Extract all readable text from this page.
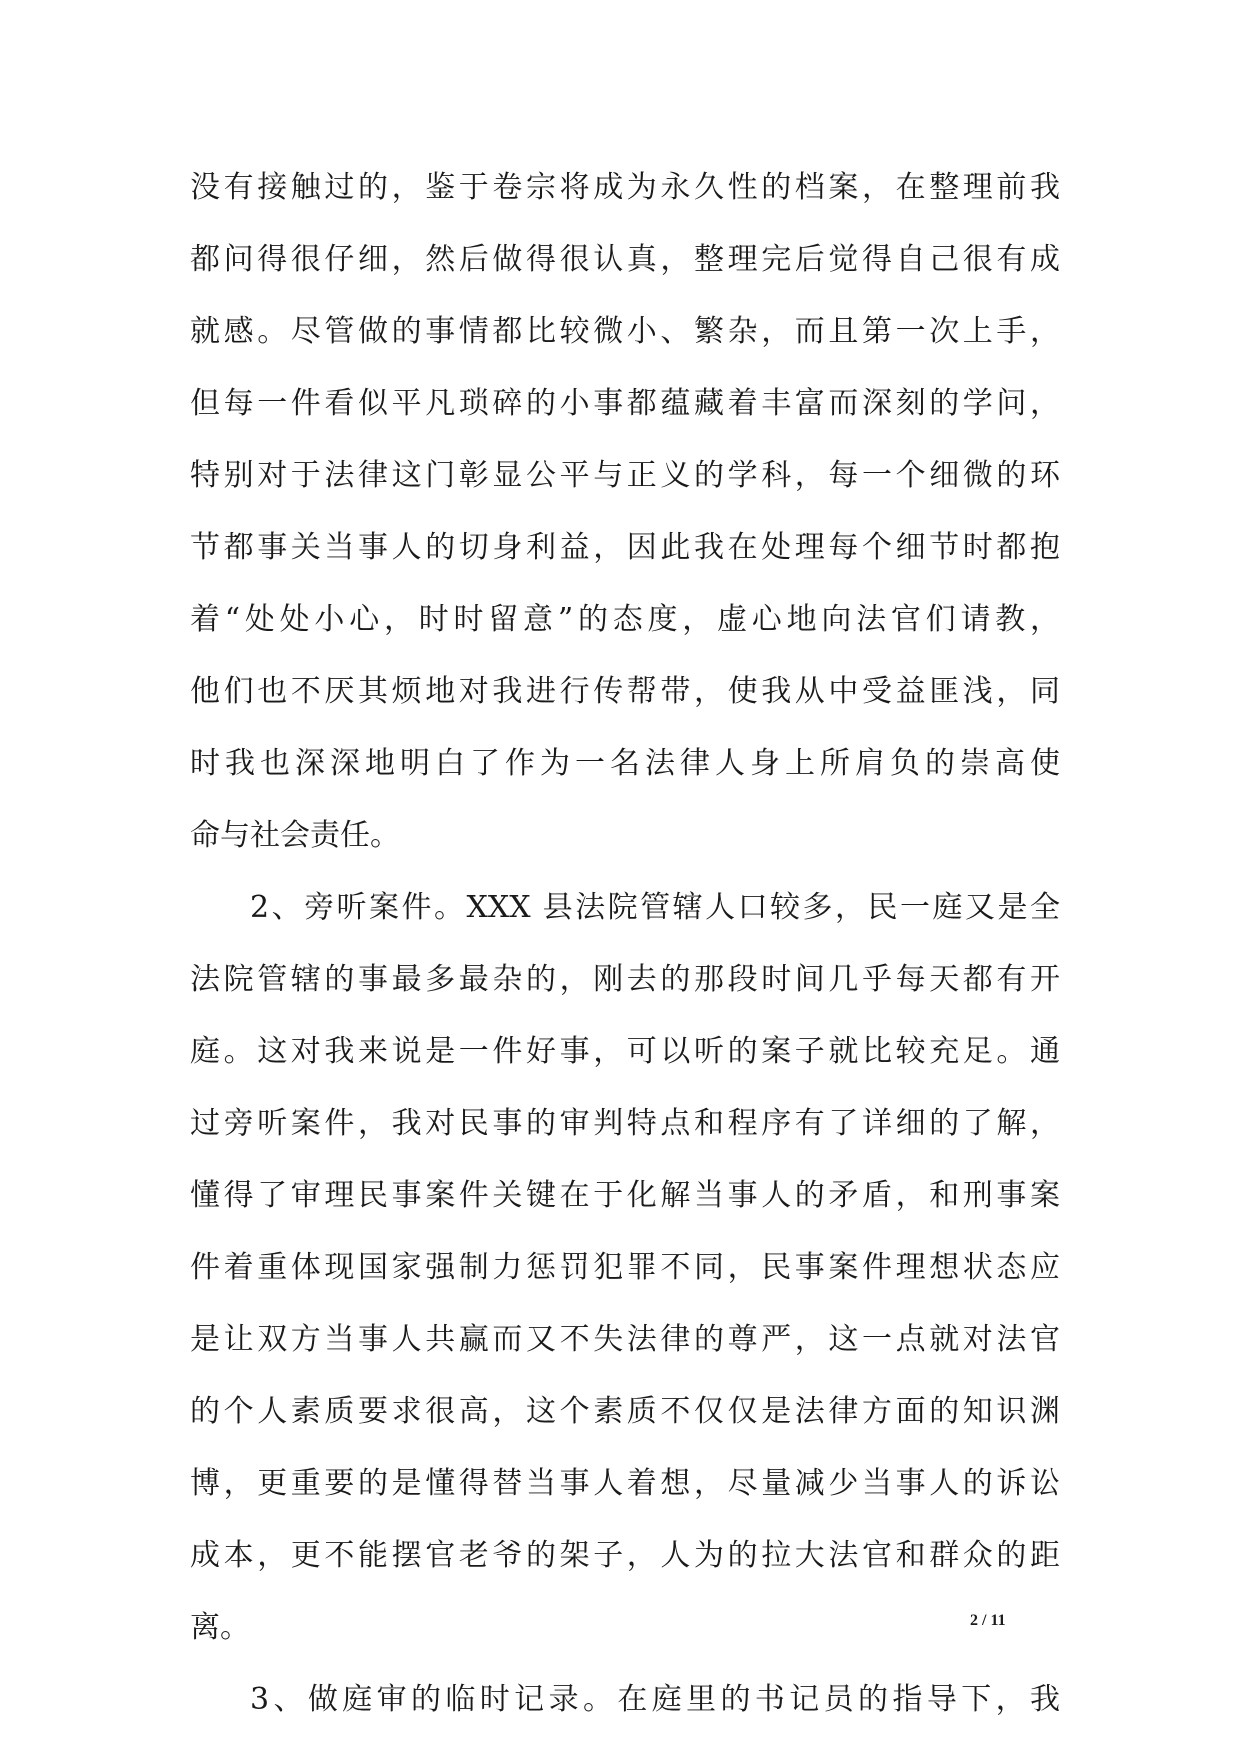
没有接触过的，鉴于卷宗将成为永久性的档案，在整理前我
都问得很仔细，然后做得很认真，整理完后觉得自己很有成
就感。尽管做的事情都比较微小、繁杂，而且第一次上手，
但每一件看似平凡琐碎的小事都蕴藏着丰富而深刻的学问，
特别对于法律这门彰显公平与正义的学科，每一个细微的环
节都事关当事人的切身利益，因此我在处理每个细节时都抱
着“处处小心，时时留意”的态度，虚心地向法官们请教，
他们也不厌其烦地对我进行传帮带，使我从中受益匪浅，同
时我也深深地明白了作为一名法律人身上所肩负的崇高使
命与社会责任。
2、旁听案件。XXX 县法院管辖人口较多，民一庭又是全
法院管辖的事最多最杂的，刚去的那段时间几乎每天都有开
庭。这对我来说是一件好事，可以听的案子就比较充足。通
过旁听案件，我对民事的审判特点和程序有了详细的了解，
懂得了审理民事案件关键在于化解当事人的矛盾，和刑事案
件着重体现国家强制力惩罚犯罪不同，民事案件理想状态应
是让双方当事人共赢而又不失法律的尊严，这一点就对法官
的个人素质要求很高，这个素质不仅仅是法律方面的知识渊
博，更重要的是懂得替当事人着想，尽量减少当事人的诉讼
成本，更不能摆官老爷的架子，人为的拉大法官和群众的距
离。
3、做庭审的临时记录。在庭里的书记员的指导下，我
2 / 11
